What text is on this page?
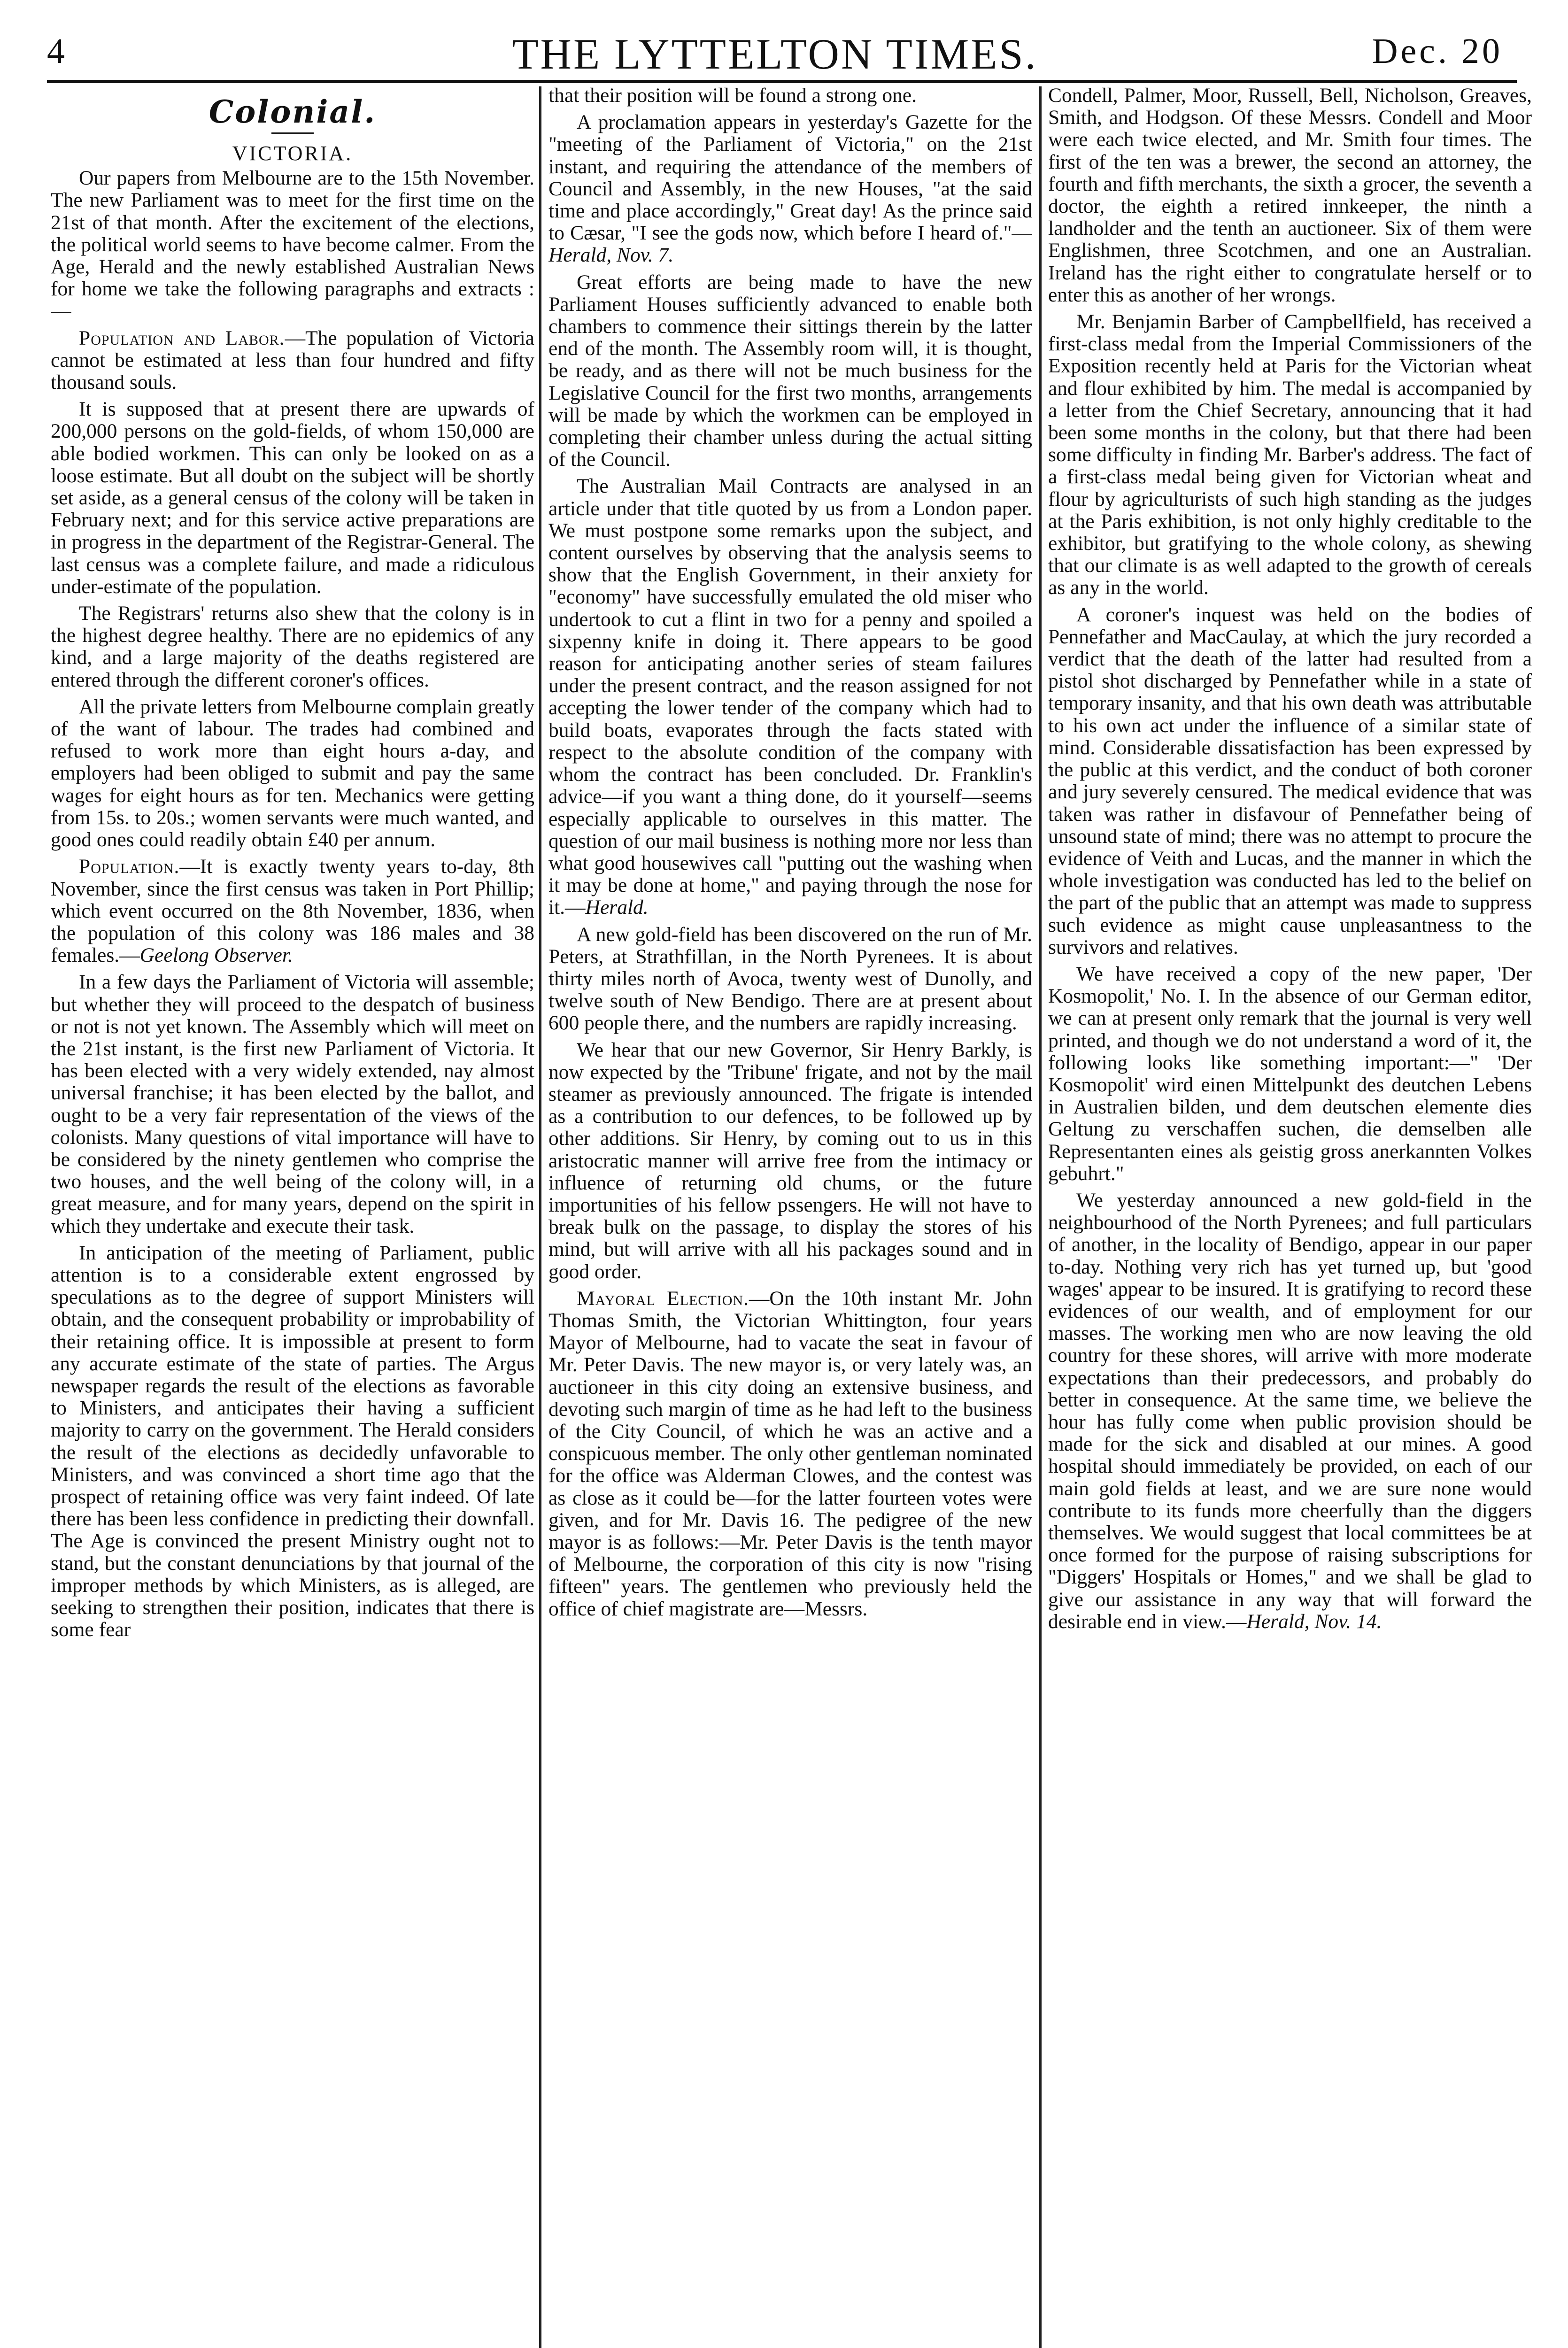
4	THE LYTTELTON TIMES.	Dec. 20
Colonial.
VICTORIA.

Our papers from Melbourne are to the 15th November. The new Parliament was to meet for the first time on the 21st of that month. After the excitement of the elections, the political world seems to have become calmer. From the Age, Herald and the newly established Australian News for home we take the following paragraphs and extracts :—

Population and Labor.—The population of Victoria cannot be estimated at less than four hundred and fifty thousand souls.

It is supposed that at present there are upwards of 200,000 persons on the gold-fields, of whom 150,000 are able bodied workmen. This can only be looked on as a loose estimate. But all doubt on the subject will be shortly set aside, as a general census of the colony will be taken in February next; and for this service active preparations are in progress in the department of the Registrar-General. The last census was a complete failure, and made a ridiculous under-estimate of the population.

The Registrars' returns also shew that the colony is in the highest degree healthy. There are no epidemics of any kind, and a large majority of the deaths registered are entered through the different coroner's offices.

All the private letters from Melbourne complain greatly of the want of labour. The trades had combined and refused to work more than eight hours a-day, and employers had been obliged to submit and pay the same wages for eight hours as for ten. Mechanics were getting from 15s. to 20s.; women servants were much wanted, and good ones could readily obtain £40 per annum.

Population.—It is exactly twenty years to-day, 8th November, since the first census was taken in Port Phillip; which event occurred on the 8th November, 1836, when the population of this colony was 186 males and 38 females.—Geelong Observer.

In a few days the Parliament of Victoria will assemble; but whether they will proceed to the despatch of business or not is not yet known. The Assembly which will meet on the 21st instant, is the first new Parliament of Victoria. It has been elected with a very widely extended, nay almost universal franchise; it has been elected by the ballot, and ought to be a very fair representation of the views of the colonists. Many questions of vital importance will have to be considered by the ninety gentlemen who comprise the two houses, and the well being of the colony will, in a great measure, and for many years, depend on the spirit in which they undertake and execute their task.

In anticipation of the meeting of Parliament, public attention is to a considerable extent engrossed by speculations as to the degree of support Ministers will obtain, and the consequent probability or improbability of their retaining office. It is impossible at present to form any accurate estimate of the state of parties. The Argus newspaper regards the result of the elections as favorable to Ministers, and anticipates their having a sufficient majority to carry on the government. The Herald considers the result of the elections as decidedly unfavorable to Ministers, and was convinced a short time ago that the prospect of retaining office was very faint indeed. Of late there has been less confidence in predicting their downfall. The Age is convinced the present Ministry ought not to stand, but the constant denunciations by that journal of the improper methods by which Ministers, as is alleged, are seeking to strengthen their position, indicates that there is some fear

that their position will be found a strong one.

A proclamation appears in yesterday's Gazette for the "meeting of the Parliament of Victoria," on the 21st instant, and requiring the attendance of the members of Council and Assembly, in the new Houses, "at the said time and place accordingly," Great day! As the prince said to Cæsar, "I see the gods now, which before I heard of."—Herald, Nov. 7.

Great efforts are being made to have the new Parliament Houses sufficiently advanced to enable both chambers to commence their sittings therein by the latter end of the month. The Assembly room will, it is thought, be ready, and as there will not be much business for the Legislative Council for the first two months, arrangements will be made by which the workmen can be employed in completing their chamber unless during the actual sitting of the Council.

The Australian Mail Contracts are analysed in an article under that title quoted by us from a London paper. We must postpone some remarks upon the subject, and content ourselves by observing that the analysis seems to show that the English Government, in their anxiety for "economy" have successfully emulated the old miser who undertook to cut a flint in two for a penny and spoiled a sixpenny knife in doing it. There appears to be good reason for anticipating another series of steam failures under the present contract, and the reason assigned for not accepting the lower tender of the company which had to build boats, evaporates through the facts stated with respect to the absolute condition of the company with whom the contract has been concluded. Dr. Franklin's advice—if you want a thing done, do it yourself—seems especially applicable to ourselves in this matter. The question of our mail business is nothing more nor less than what good housewives call "putting out the washing when it may be done at home," and paying through the nose for it.—Herald.

A new gold-field has been discovered on the run of Mr. Peters, at Strathfillan, in the North Pyrenees. It is about thirty miles north of Avoca, twenty west of Dunolly, and twelve south of New Bendigo. There are at present about 600 people there, and the numbers are rapidly increasing.

We hear that our new Governor, Sir Henry Barkly, is now expected by the 'Tribune' frigate, and not by the mail steamer as previously announced. The frigate is intended as a contribution to our defences, to be followed up by other additions. Sir Henry, by coming out to us in this aristocratic manner will arrive free from the intimacy or influence of returning old chums, or the future importunities of his fellow pssengers. He will not have to break bulk on the passage, to display the stores of his mind, but will arrive with all his packages sound and in good order.

Mayoral Election.—On the 10th instant Mr. John Thomas Smith, the Victorian Whittington, four years Mayor of Melbourne, had to vacate the seat in favour of Mr. Peter Davis. The new mayor is, or very lately was, an auctioneer in this city doing an extensive business, and devoting such margin of time as he had left to the business of the City Council, of which he was an active and a conspicuous member. The only other gentleman nominated for the office was Alderman Clowes, and the contest was as close as it could be—for the latter fourteen votes were given, and for Mr. Davis 16. The pedigree of the new mayor is as follows:—Mr. Peter Davis is the tenth mayor of Melbourne, the corporation of this city is now "rising fifteen" years. The gentlemen who previously held the office of chief magistrate are—Messrs.

Condell, Palmer, Moor, Russell, Bell, Nicholson, Greaves, Smith, and Hodgson. Of these Messrs. Condell and Moor were each twice elected, and Mr. Smith four times. The first of the ten was a brewer, the second an attorney, the fourth and fifth merchants, the sixth a grocer, the seventh a doctor, the eighth a retired innkeeper, the ninth a landholder and the tenth an auctioneer. Six of them were Englishmen, three Scotchmen, and one an Australian. Ireland has the right either to congratulate herself or to enter this as another of her wrongs.

Mr. Benjamin Barber of Campbellfield, has received a first-class medal from the Imperial Commissioners of the Exposition recently held at Paris for the Victorian wheat and flour exhibited by him. The medal is accompanied by a letter from the Chief Secretary, announcing that it had been some months in the colony, but that there had been some difficulty in finding Mr. Barber's address. The fact of a first-class medal being given for Victorian wheat and flour by agriculturists of such high standing as the judges at the Paris exhibition, is not only highly creditable to the exhibitor, but gratifying to the whole colony, as shewing that our climate is as well adapted to the growth of cereals as any in the world.

A coroner's inquest was held on the bodies of Pennefather and MacCaulay, at which the jury recorded a verdict that the death of the latter had resulted from a pistol shot discharged by Pennefather while in a state of temporary insanity, and that his own death was attributable to his own act under the influence of a similar state of mind. Considerable dissatisfaction has been expressed by the public at this verdict, and the conduct of both coroner and jury severely censured. The medical evidence that was taken was rather in disfavour of Pennefather being of unsound state of mind; there was no attempt to procure the evidence of Veith and Lucas, and the manner in which the whole investigation was conducted has led to the belief on the part of the public that an attempt was made to suppress such evidence as might cause unpleasantness to the survivors and relatives.

We have received a copy of the new paper, 'Der Kosmopolit,' No. I. In the absence of our German editor, we can at present only remark that the journal is very well printed, and though we do not understand a word of it, the following looks like something important:—" 'Der Kosmopolit' wird einen Mittelpunkt des deutchen Lebens in Australien bilden, und dem deutschen elemente dies Geltung zu verschaffen suchen, die demselben alle Representanten eines als geistig gross anerkannten Volkes gebuhrt."

We yesterday announced a new gold-field in the neighbourhood of the North Pyrenees; and full particulars of another, in the locality of Bendigo, appear in our paper to-day. Nothing very rich has yet turned up, but 'good wages' appear to be insured. It is gratifying to record these evidences of our wealth, and of employment for our masses. The working men who are now leaving the old country for these shores, will arrive with more moderate expectations than their predecessors, and probably do better in consequence. At the same time, we believe the hour has fully come when public provision should be made for the sick and disabled at our mines. A good hospital should immediately be provided, on each of our main gold fields at least, and we are sure none would contribute to its funds more cheerfully than the diggers themselves. We would suggest that local committees be at once formed for the purpose of raising subscriptions for "Diggers' Hospitals or Homes," and we shall be glad to give our assistance in any way that will forward the desirable end in view.—Herald, Nov. 14.
